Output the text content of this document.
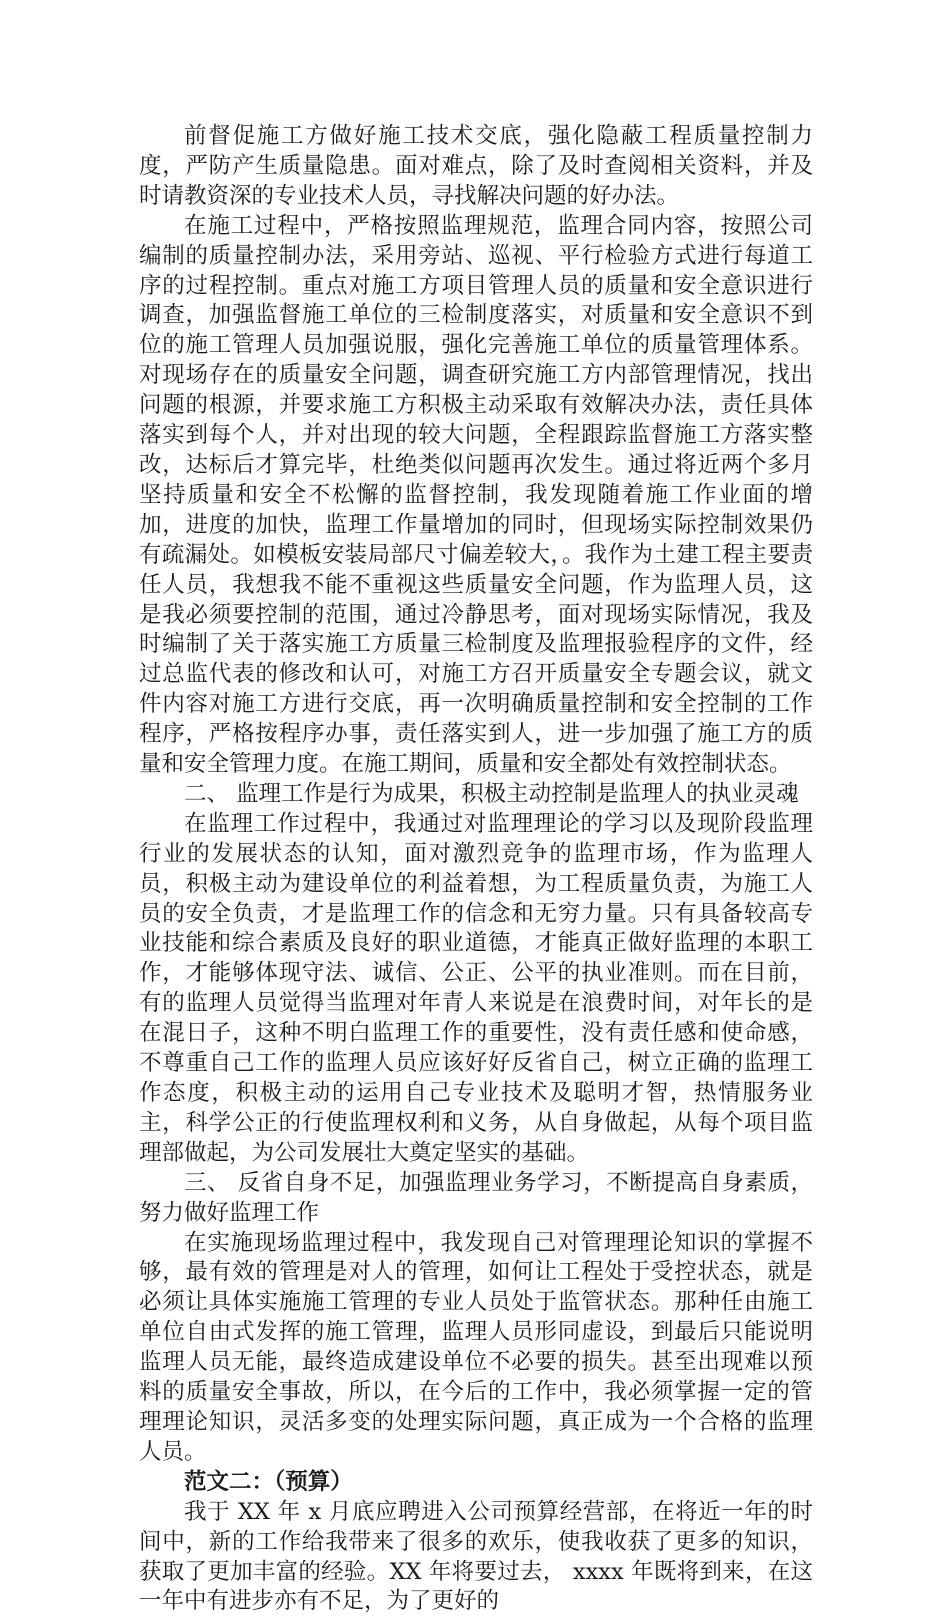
前督促施工方做好施工技术交底，强化隐蔽工程质量控制力度，严防产生质量隐患。面对难点，除了及时查阅相关资料，并及时请教资深的专业技术人员，寻找解决问题的好办法。

在施工过程中，严格按照监理规范，监理合同内容，按照公司编制的质量控制办法，采用旁站、巡视、平行检验方式进行每道工序的过程控制。重点对施工方项目管理人员的质量和安全意识进行调查，加强监督施工单位的三检制度落实，对质量和安全意识不到位的施工管理人员加强说服，强化完善施工单位的质量管理体系。对现场存在的质量安全问题，调查研究施工方内部管理情况，找出问题的根源，并要求施工方积极主动采取有效解决办法，责任具体落实到每个人，并对出现的较大问题，全程跟踪监督施工方落实整改，达标后才算完毕，杜绝类似问题再次发生。通过将近两个多月坚持质量和安全不松懈的监督控制，我发现随着施工作业面的增加，进度的加快，监理工作量增加的同时，但现场实际控制效果仍有疏漏处。如模板安装局部尺寸偏差较大，。我作为土建工程主要责任人员，我想我不能不重视这些质量安全问题，作为监理人员，这是我必须要控制的范围，通过冷静思考，面对现场实际情况，我及时编制了关于落实施工方质量三检制度及监理报验程序的文件，经过总监代表的修改和认可，对施工方召开质量安全专题会议，就文件内容对施工方进行交底，再一次明确质量控制和安全控制的工作程序，严格按程序办事，责任落实到人，进一步加强了施工方的质量和安全管理力度。在施工期间，质量和安全都处有效控制状态。

二、 监理工作是行为成果，积极主动控制是监理人的执业灵魂

在监理工作过程中，我通过对监理理论的学习以及现阶段监理行业的发展状态的认知，面对激烈竞争的监理市场，作为监理人员，积极主动为建设单位的利益着想，为工程质量负责，为施工人员的安全负责，才是监理工作的信念和无穷力量。只有具备较高专业技能和综合素质及良好的职业道德，才能真正做好监理的本职工作，才能够体现守法、诚信、公正、公平的执业准则。而在目前，有的监理人员觉得当监理对年青人来说是在浪费时间，对年长的是在混日子，这种不明白监理工作的重要性，没有责任感和使命感，不尊重自己工作的监理人员应该好好反省自己，树立正确的监理工作态度，积极主动的运用自己专业技术及聪明才智，热情服务业主，科学公正的行使监理权利和义务，从自身做起，从每个项目监理部做起，为公司发展壮大奠定坚实的基础。

三、 反省自身不足，加强监理业务学习，不断提高自身素质，努力做好监理工作

在实施现场监理过程中，我发现自己对管理理论知识的掌握不够，最有效的管理是对人的管理，如何让工程处于受控状态，就是必须让具体实施施工管理的专业人员处于监管状态。那种任由施工单位自由式发挥的施工管理，监理人员形同虚设，到最后只能说明监理人员无能，最终造成建设单位不必要的损失。甚至出现难以预料的质量安全事故，所以，在今后的工作中，我必须掌握一定的管理理论知识，灵活多变的处理实际问题，真正成为一个合格的监理人员。

范文二：（预算）

我于 XX 年 x 月底应聘进入公司预算经营部，在将近一年的时间中，新的工作给我带来了很多的欢乐，使我收获了更多的知识，获取了更加丰富的经验。XX 年将要过去， xxxx 年既将到来，在这一年中有进步亦有不足，为了更好的
